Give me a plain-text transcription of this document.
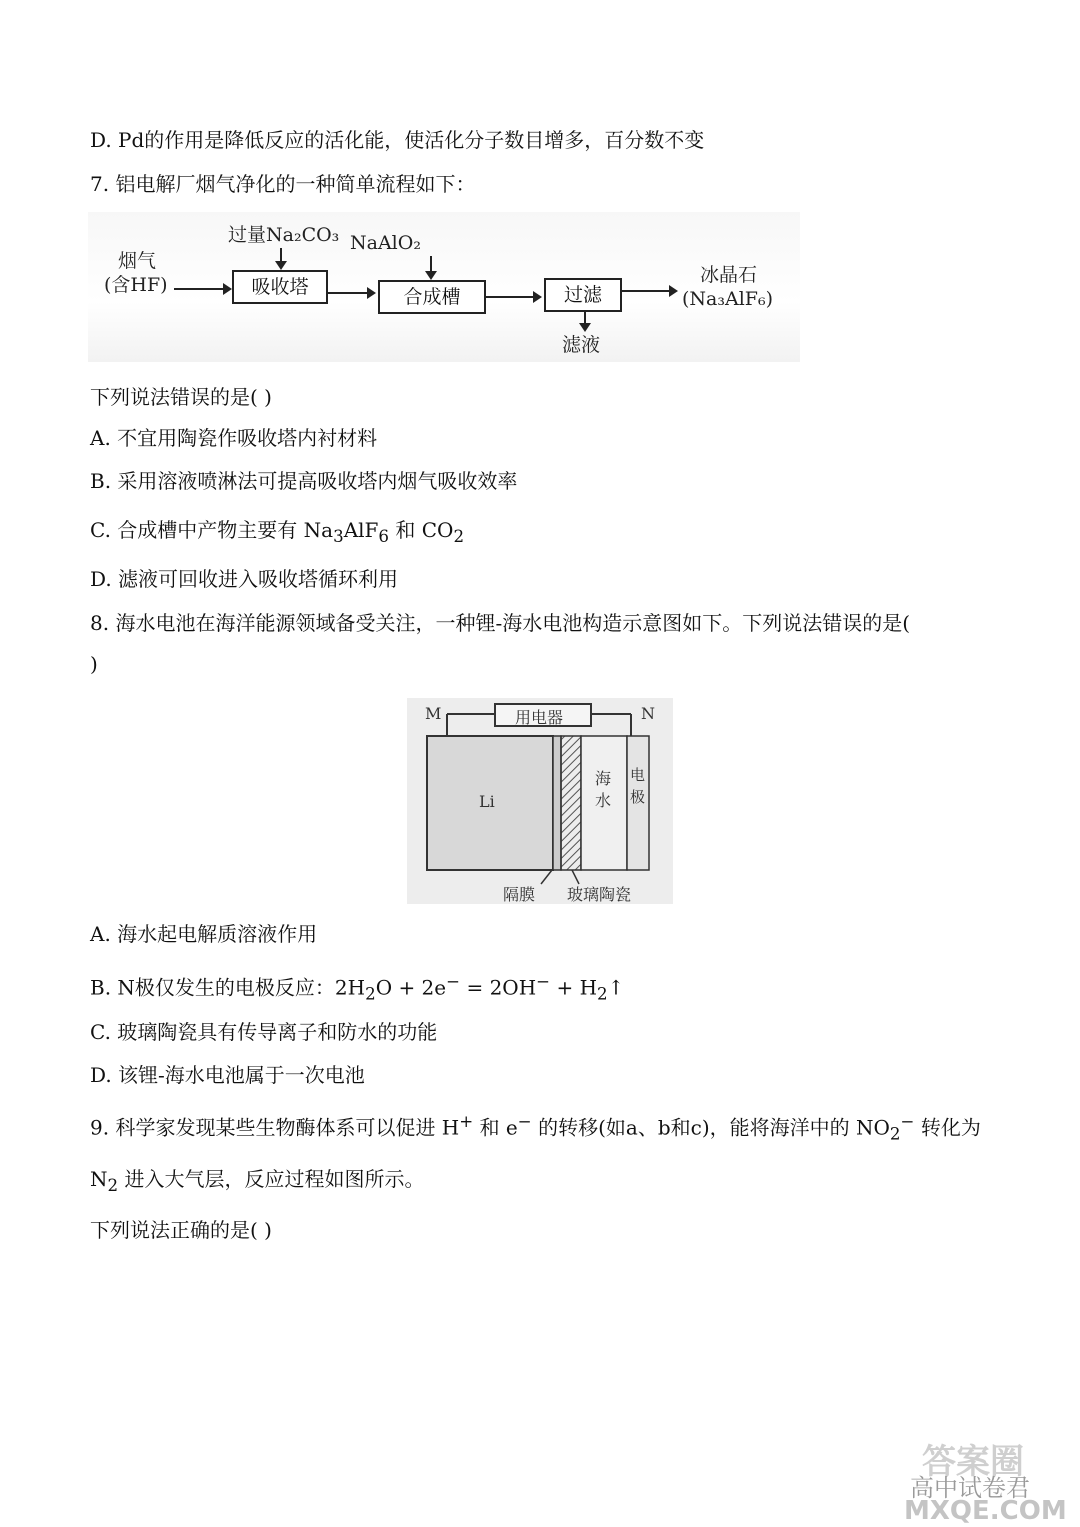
D. Pd的作用是降低反应的活化能，使活化分子数目增多，百分数不变
7. 铝电解厂烟气净化的一种简单流程如下：
烟气
(含HF)
过量Na₂CO₃
吸收塔
NaAlO₂
合成槽	过滤
滤液
冰晶石
(Na₃AlF₆)
下列说法错误的是( )
A. 不宜用陶瓷作吸收塔内衬材料
B. 采用溶液喷淋法可提高吸收塔内烟气吸收效率
C. 合成槽中产物主要有 $Na_3AlF_6$ 和 $CO_2$
D. 滤液可回收进入吸收塔循环利用
8. 海水电池在海洋能源领域备受关注，一种锂-海水电池构造示意图如下。下列说法错误的是(
)
M	N
用电器
Li
海水
电极
隔膜 玻璃陶瓷
A. 海水起电解质溶液作用
B. N极仅发生的电极反应：$2H_2O + 2e^- = 2OH^-$ + $H_2↑$
C. 玻璃陶瓷具有传导离子和防水的功能
D. 该锂-海水电池属于一次电池
9. 科学家发现某些生物酶体系可以促进 H+ 和 e− 的转移(如a、b和c)，能将海洋中的 $NO_2^-$ 转化为
$N_2$ 进入大气层，反应过程如图所示。
下列说法正确的是( )
答案圈
高中试卷君
MXQE.COM
